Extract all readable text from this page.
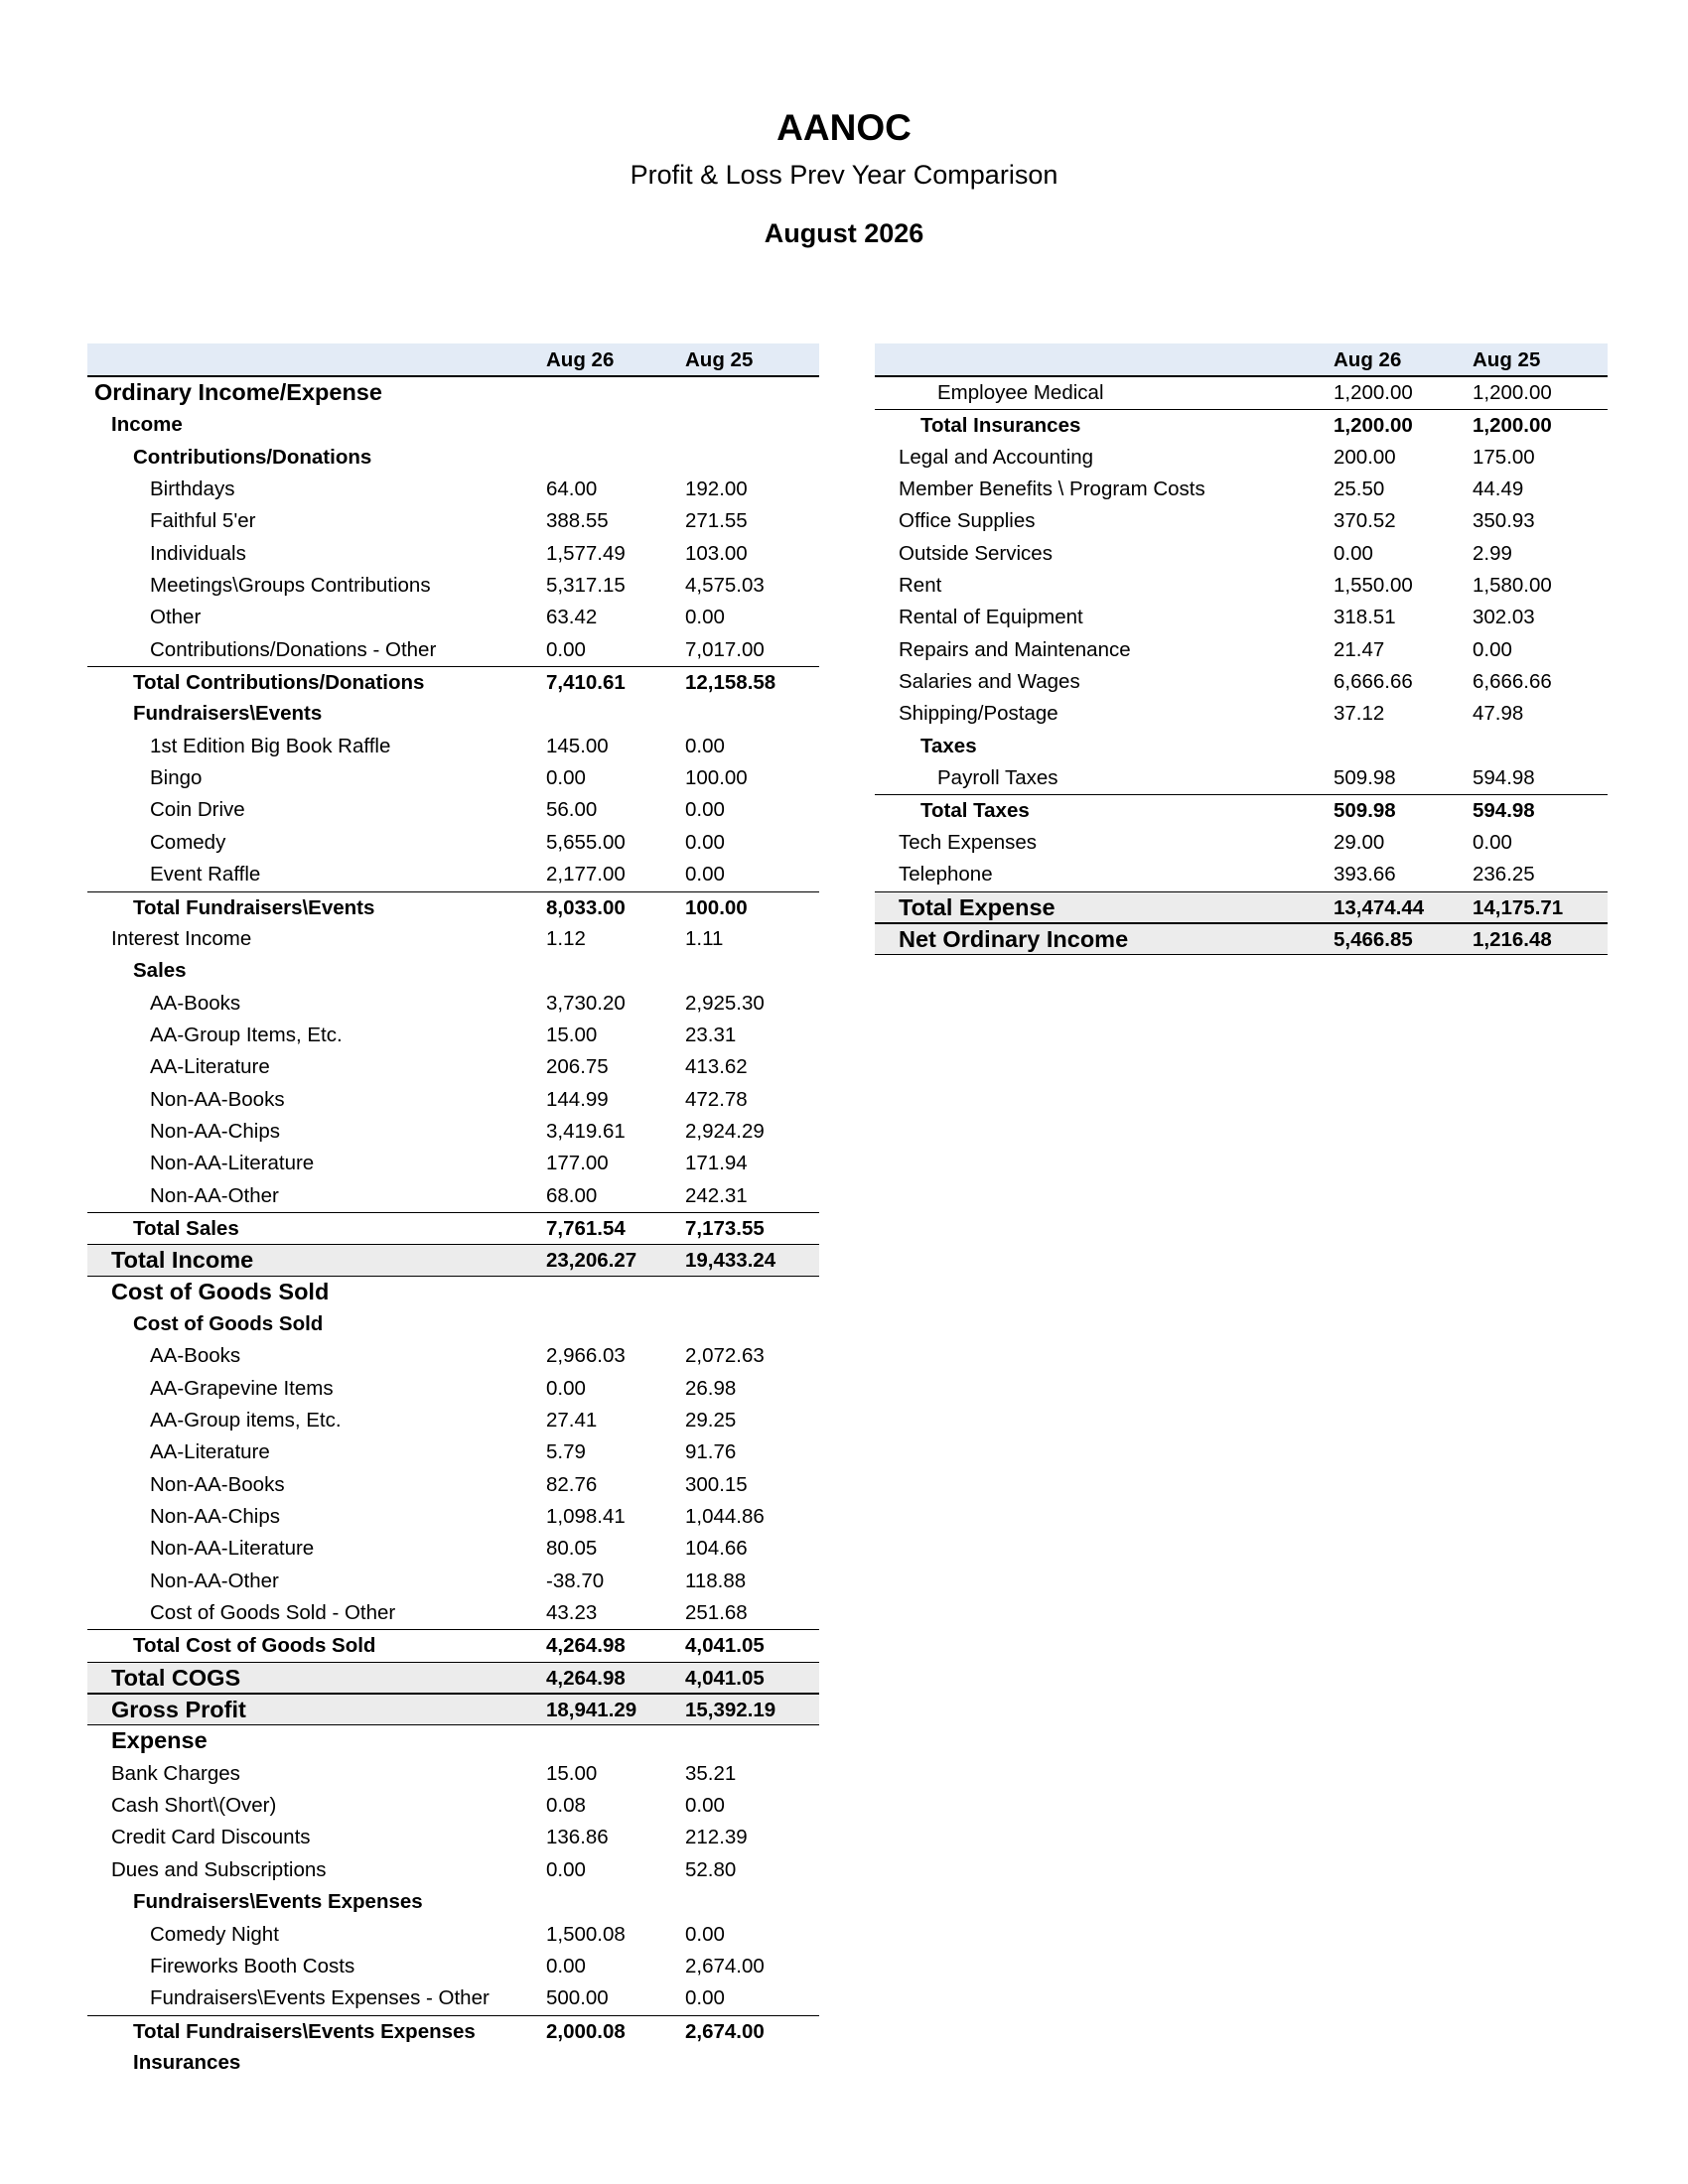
AANOC
Profit & Loss Prev Year Comparison
August 2026
Aug 26	Aug 25
Ordinary Income/Expense
Income
Contributions/Donations
Birthdays	64.00	192.00
Faithful 5'er	388.55	271.55
Individuals	1,577.49	103.00
Meetings\Groups Contributions	5,317.15	4,575.03
Other	63.42	0.00
Contributions/Donations - Other	0.00	7,017.00
Total Contributions/Donations	7,410.61	12,158.58
Fundraisers\Events
1st Edition Big Book Raffle	145.00	0.00
Bingo	0.00	100.00
Coin Drive	56.00	0.00
Comedy	5,655.00	0.00
Event Raffle	2,177.00	0.00
Total Fundraisers\Events	8,033.00	100.00
Interest Income	1.12	1.11
Sales
AA-Books	3,730.20	2,925.30
AA-Group Items, Etc.	15.00	23.31
AA-Literature	206.75	413.62
Non-AA-Books	144.99	472.78
Non-AA-Chips	3,419.61	2,924.29
Non-AA-Literature	177.00	171.94
Non-AA-Other	68.00	242.31
Total Sales	7,761.54	7,173.55
Total Income	23,206.27 19,433.24
Cost of Goods Sold
Cost of Goods Sold
AA-Books	2,966.03	2,072.63
AA-Grapevine Items	0.00	26.98
AA-Group items, Etc.	27.41	29.25
AA-Literature	5.79	91.76
Non-AA-Books	82.76	300.15
Non-AA-Chips	1,098.41	1,044.86
Non-AA-Literature	80.05	104.66
Non-AA-Other	-38.70	118.88
Cost of Goods Sold - Other	43.23	251.68
Total Cost of Goods Sold	4,264.98	4,041.05
Total COGS	4,264.98	4,041.05
Gross Profit	18,941.29 15,392.19
Expense
Bank Charges	15.00	35.21
Cash Short\(Over)	0.08	0.00
Credit Card Discounts	136.86	212.39
Dues and Subscriptions	0.00	52.80
Fundraisers\Events Expenses
Comedy Night	1,500.08	0.00
Fireworks Booth Costs	0.00	2,674.00
Fundraisers\Events Expenses - Other	500.00	0.00
Total Fundraisers\Events Expenses	2,000.08	2,674.00
Insurances
Aug 26	Aug 25
Employee Medical	1,200.00	1,200.00
Total Insurances	1,200.00	1,200.00
Legal and Accounting	200.00	175.00
Member Benefits \ Program Costs	25.50	44.49
Office Supplies	370.52	350.93
Outside Services	0.00	2.99
Rent	1,550.00	1,580.00
Rental of Equipment	318.51	302.03
Repairs and Maintenance	21.47	0.00
Salaries and Wages	6,666.66	6,666.66
Shipping/Postage	37.12	47.98
Taxes
Payroll Taxes	509.98	594.98
Total Taxes	509.98	594.98
Tech Expenses	29.00	0.00
Telephone	393.66	236.25
Total Expense	13,474.44 14,175.71
Net Ordinary Income	5,466.85	1,216.48
